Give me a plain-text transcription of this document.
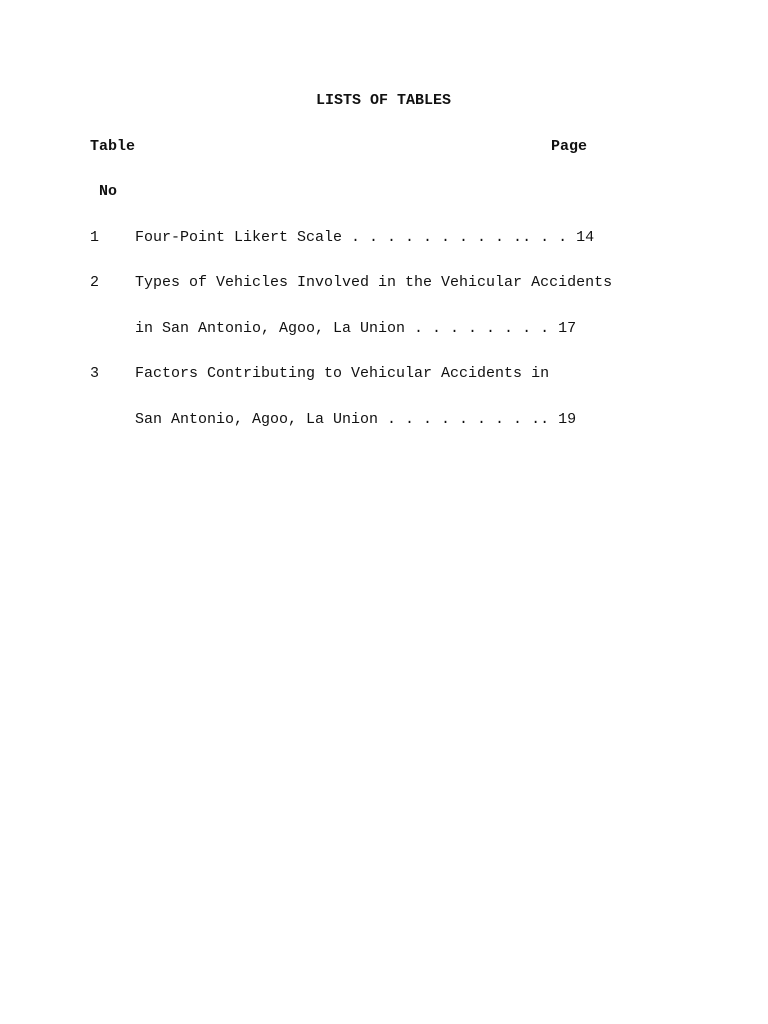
LISTS OF TABLES
Table	Page
No
1 Four-Point Likert Scale . . . . . . . . . .. . . 14
2 Types of Vehicles Involved in the Vehicular Accidents
in San Antonio, Agoo, La Union . . . . . . . . 17
3 Factors Contributing to Vehicular Accidents in
San Antonio, Agoo, La Union . . . . . . . . .. 19
